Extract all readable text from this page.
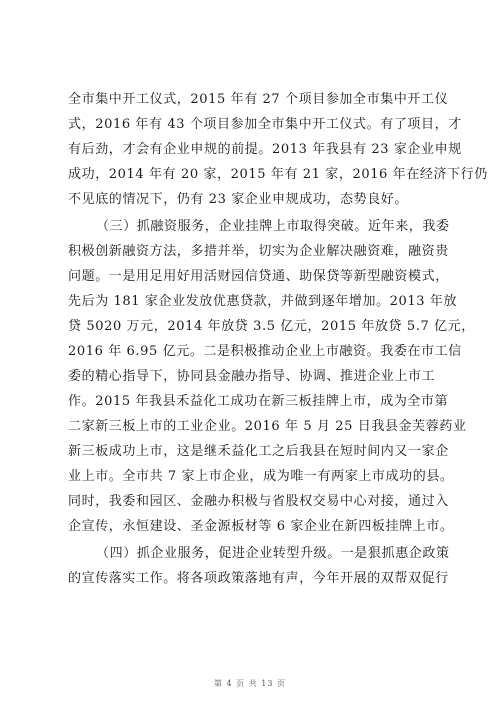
全市集中开工仪式，2015 年有 27 个项目参加全市集中开工仪
式，2016 年有 43 个项目参加全市集中开工仪式。有了项目，才
有后劲，才会有企业申规的前提。2013 年我县有 23 家企业申规
成功，2014 年有 20 家，2015 年有 21 家，2016 年在经济下行仍
不见底的情况下，仍有 23 家企业申规成功，态势良好。
（三）抓融资服务，企业挂牌上市取得突破。近年来，我委
积极创新融资方法，多措并举，切实为企业解决融资难，融资贵
问题。一是用足用好用活财园信贷通、助保贷等新型融资模式，
先后为 181 家企业发放优惠贷款，并做到逐年增加。2013 年放
贷 5020 万元，2014 年放贷 3.5 亿元，2015 年放贷 5.7 亿元，
2016 年 6.95 亿元。二是积极推动企业上市融资。我委在市工信
委的精心指导下，协同县金融办指导、协调、推进企业上市工
作。2015 年我县禾益化工成功在新三板挂牌上市，成为全市第
二家新三板上市的工业企业。2016 年 5 月 25 日我县金芙蓉药业
新三板成功上市，这是继禾益化工之后我县在短时间内又一家企
业上市。全市共 7 家上市企业，成为唯一有两家上市成功的县。
同时，我委和园区、金融办积极与省股权交易中心对接，通过入
企宣传，永恒建设、圣金源板材等 6 家企业在新四板挂牌上市。
（四）抓企业服务，促进企业转型升级。一是狠抓惠企政策
的宣传落实工作。将各项政策落地有声，今年开展的双帮双促行
第 4 页 共 13 页
